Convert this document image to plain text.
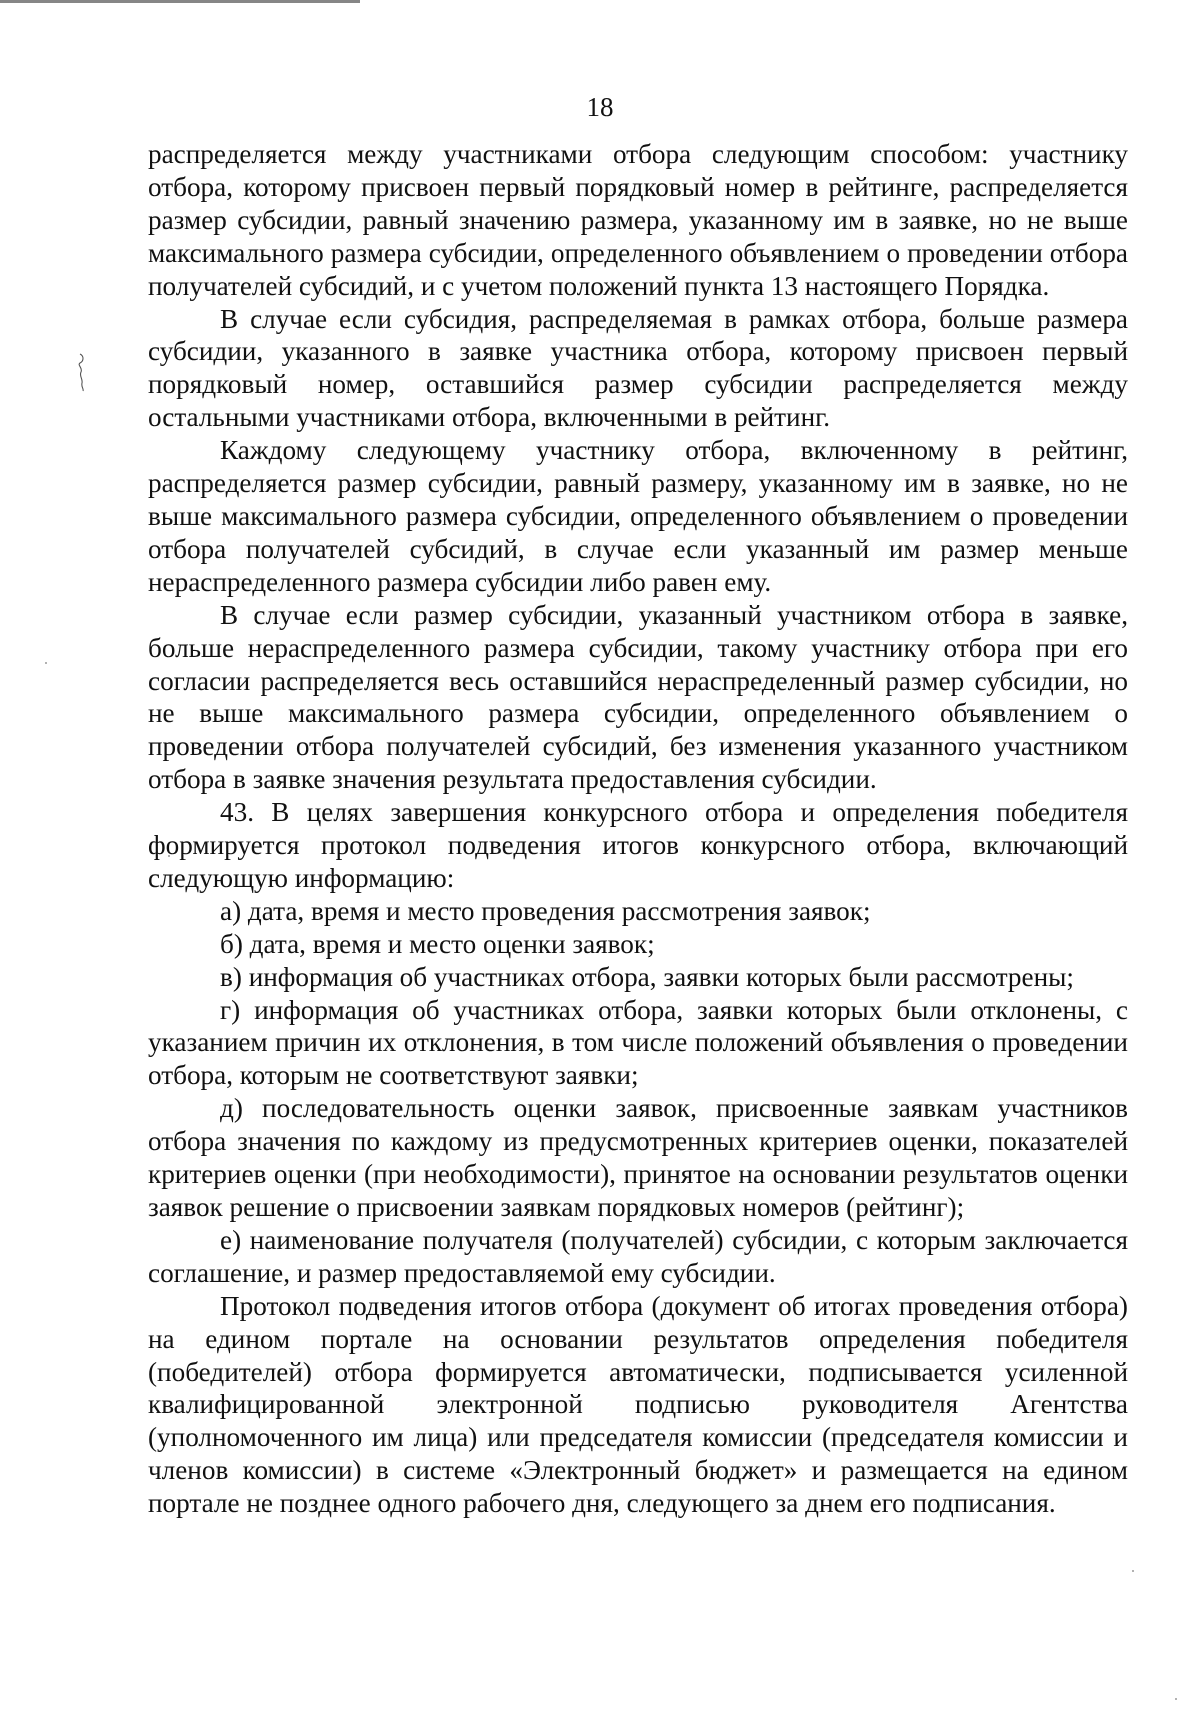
18

распределяется между участниками отбора следующим способом: участнику отбора, которому присвоен первый порядковый номер в рейтинге, распределяется размер субсидии, равный значению размера, указанному им в заявке, но не выше максимального размера субсидии, определенного объявлением о проведении отбора получателей субсидий, и с учетом положений пункта 13 настоящего Порядка.

В случае если субсидия, распределяемая в рамках отбора, больше размера субсидии, указанного в заявке участника отбора, которому присвоен первый порядковый номер, оставшийся размер субсидии распределяется между остальными участниками отбора, включенными в рейтинг.

Каждому следующему участнику отбора, включенному в рейтинг, распределяется размер субсидии, равный размеру, указанному им в заявке, но не выше максимального размера субсидии, определенного объявлением о проведении отбора получателей субсидий, в случае если указанный им размер меньше нераспределенного размера субсидии либо равен ему.

В случае если размер субсидии, указанный участником отбора в заявке, больше нераспределенного размера субсидии, такому участнику отбора при его согласии распределяется весь оставшийся нераспределенный размер субсидии, но не выше максимального размера субсидии, определенного объявлением о проведении отбора получателей субсидий, без изменения указанного участником отбора в заявке значения результата предоставления субсидии.

43. В целях завершения конкурсного отбора и определения победителя формируется протокол подведения итогов конкурсного отбора, включающий следующую информацию:

а) дата, время и место проведения рассмотрения заявок;

б) дата, время и место оценки заявок;

в) информация об участниках отбора, заявки которых были рассмотрены;

г) информация об участниках отбора, заявки которых были отклонены, с указанием причин их отклонения, в том числе положений объявления о проведении отбора, которым не соответствуют заявки;

д) последовательность оценки заявок, присвоенные заявкам участников отбора значения по каждому из предусмотренных критериев оценки, показателей критериев оценки (при необходимости), принятое на основании результатов оценки заявок решение о присвоении заявкам порядковых номеров (рейтинг);

е) наименование получателя (получателей) субсидии, с которым заключается соглашение, и размер предоставляемой ему субсидии.

Протокол подведения итогов отбора (документ об итогах проведения отбора) на едином портале на основании результатов определения победителя (победителей) отбора формируется автоматически, подписывается усиленной квалифицированной электронной подписью руководителя Агентства (уполномоченного им лица) или председателя комиссии (председателя комиссии и членов комиссии) в системе «Электронный бюджет» и размещается на едином портале не позднее одного рабочего дня, следующего за днем его подписания.
